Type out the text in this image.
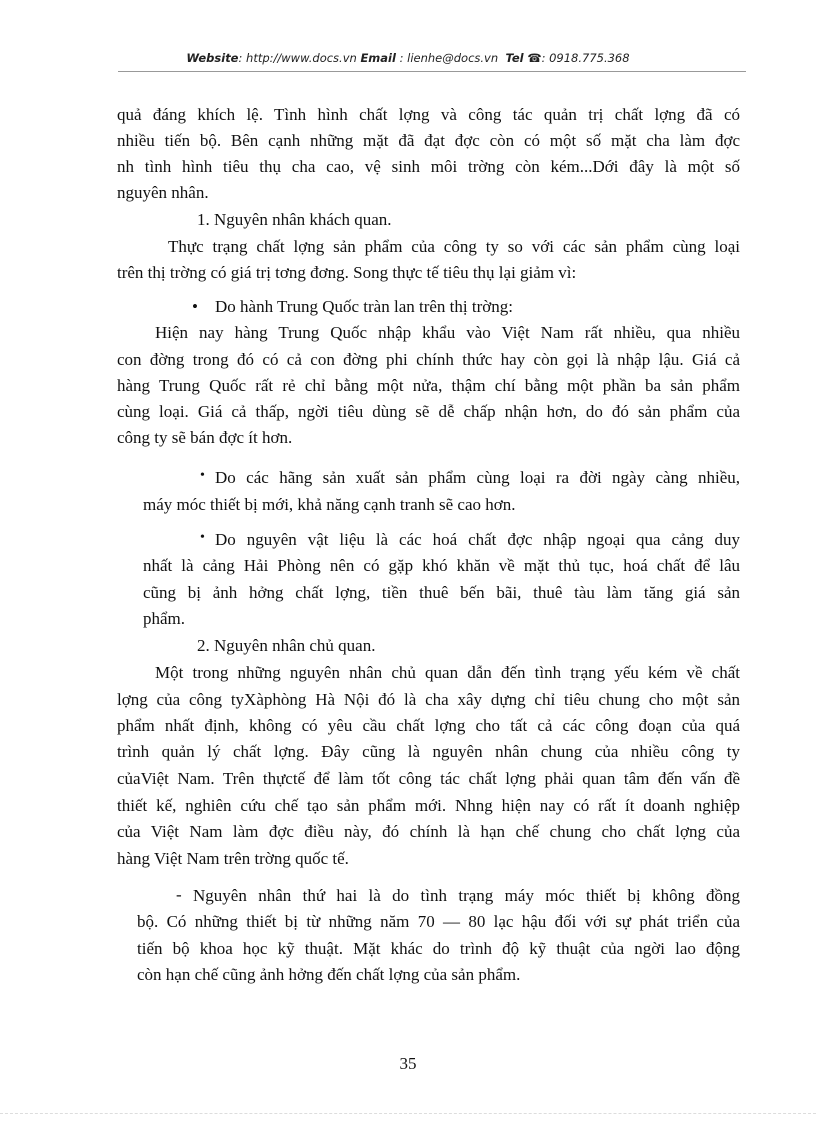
Website: http://www.docs.vn Email : lienhe@docs.vn Tel ☎: 0918.775.368
quả đáng khích lệ. Tình hình chất lợng và công tác quản trị chất lợng đã có
nhiều tiến bộ. Bên cạnh những mặt đã đạt đợc còn có một số mặt cha làm đợc
nh tình hình tiêu thụ cha cao, vệ sinh môi trờng còn kém...Dới đây là một số
nguyên nhân.
1. Nguyên nhân khách quan.
Thực trạng chất lợng sản phẩm của công ty so với các sản phẩm cùng loại
trên thị trờng có giá trị tơng đơng. Song thực tế tiêu thụ lại giảm vì:
• Do hành Trung Quốc tràn lan trên thị trờng:
Hiện nay hàng Trung Quốc nhập khẩu vào Việt Nam rất nhiều, qua nhiều
con đờng trong đó có cả con đờng phi chính thức hay còn gọi là nhập lậu. Giá cả
hàng Trung Quốc rất rẻ chỉ bằng một nửa, thậm chí bằng một phần ba sản phẩm
cùng loại. Giá cả thấp, ngời tiêu dùng sẽ dễ chấp nhận hơn, do đó sản phẩm của
công ty sẽ bán đợc ít hơn.
• Do các hãng sản xuất sản phẩm cùng loại ra đời ngày càng nhiều,
máy móc thiết bị mới, khả năng cạnh tranh sẽ cao hơn.
• Do nguyên vật liệu là các hoá chất đợc nhập ngoại qua cảng duy
nhất là cảng Hải Phòng nên có gặp khó khăn về mặt thủ tục, hoá chất để lâu
cũng bị ảnh hởng chất lợng, tiền thuê bến bãi, thuê tàu làm tăng giá sản
phẩm.
2. Nguyên nhân chủ quan.
Một trong những nguyên nhân chủ quan dẫn đến tình trạng yếu kém về chất
lợng của công tyXàphòng Hà Nội đó là cha xây dựng chỉ tiêu chung cho một sản
phẩm nhất định, không có yêu cầu chất lợng cho tất cả các công đoạn của quá
trình quản lý chất lợng. Đây cũng là nguyên nhân chung của nhiều công ty
củaViệt Nam. Trên thựctế để làm tốt công tác chất lợng phải quan tâm đến vấn đề
thiết kế, nghiên cứu chế tạo sản phẩm mới. Nhng hiện nay có rất ít doanh nghiệp
của Việt Nam làm đợc điều này, đó chính là hạn chế chung cho chất lợng của
hàng Việt Nam trên trờng quốc tế.
- Nguyên nhân thứ hai là do tình trạng máy móc thiết bị không đồng
bộ. Có những thiết bị từ những năm 70 — 80 lạc hậu đối với sự phát triển của
tiến bộ khoa học kỹ thuật. Mặt khác do trình độ kỹ thuật của ngời lao động
còn hạn chế cũng ảnh hởng đến chất lợng của sản phẩm.
35
